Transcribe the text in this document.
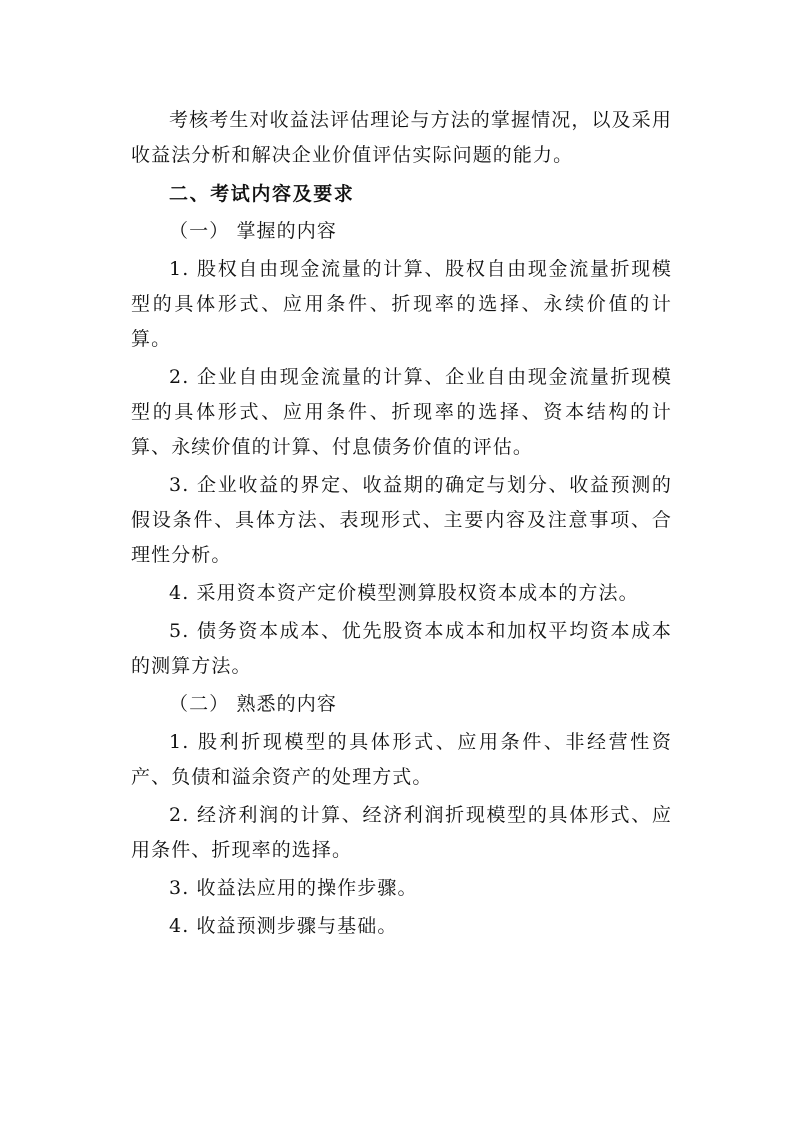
考核考生对收益法评估理论与方法的掌握情况，以及采用收益法分析和解决企业价值评估实际问题的能力。

二、考试内容及要求

（一） 掌握的内容

1. 股权自由现金流量的计算、股权自由现金流量折现模型的具体形式、应用条件、折现率的选择、永续价值的计算。

2. 企业自由现金流量的计算、企业自由现金流量折现模型的具体形式、应用条件、折现率的选择、资本结构的计算、永续价值的计算、付息债务价值的评估。

3. 企业收益的界定、收益期的确定与划分、收益预测的假设条件、具体方法、表现形式、主要内容及注意事项、合理性分析。

4. 采用资本资产定价模型测算股权资本成本的方法。

5. 债务资本成本、优先股资本成本和加权平均资本成本的测算方法。

（二） 熟悉的内容

1. 股利折现模型的具体形式、应用条件、非经营性资产、负债和溢余资产的处理方式。

2. 经济利润的计算、经济利润折现模型的具体形式、应用条件、折现率的选择。

3. 收益法应用的操作步骤。

4. 收益预测步骤与基础。
